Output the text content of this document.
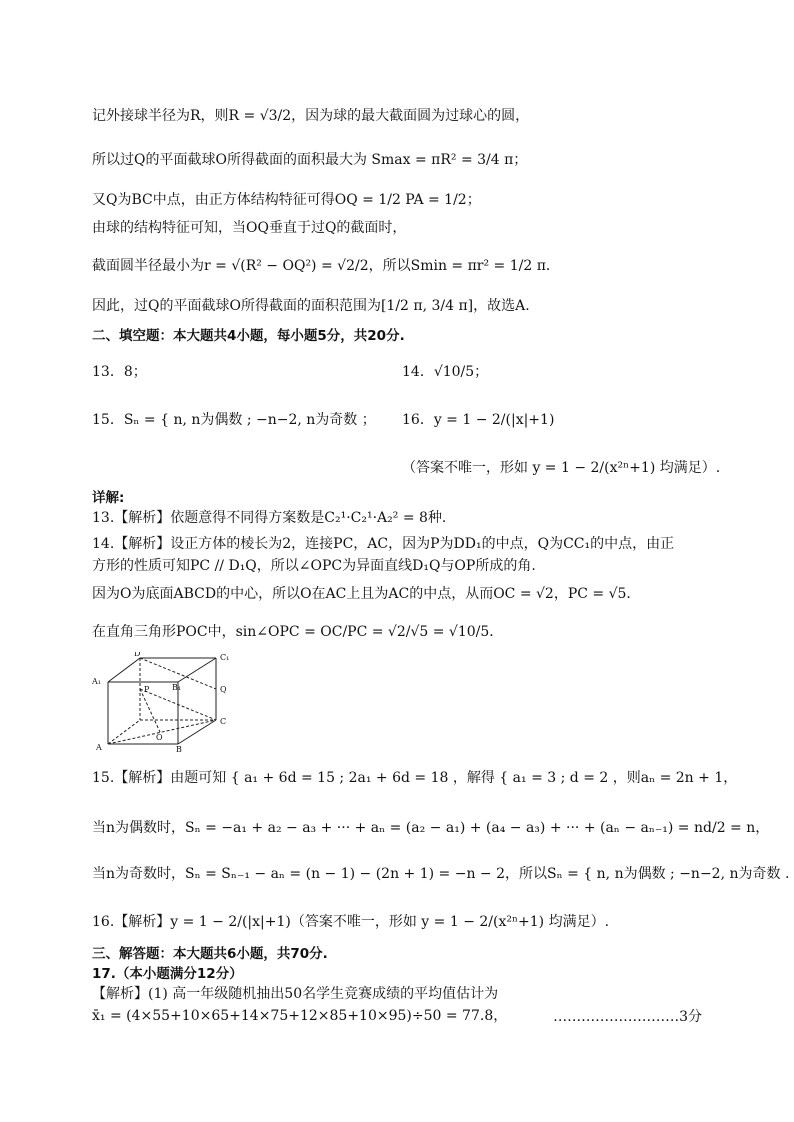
记外接球半径为R，则R = √3/2，因为球的最大截面圆为过球心的圆，
所以过Q的平面截球O所得截面的面积最大为 Smax = πR² = 3/4 π；
又Q为BC中点，由正方体结构特征可得OQ = 1/2 PA = 1/2；
由球的结构特征可知，当OQ垂直于过Q的截面时，
截面圆半径最小为r = √(R² − OQ²) = √2/2，所以Smin = πr² = 1/2 π．
因此，过Q的平面截球O所得截面的面积范围为[1/2 π, 3/4 π]，故选A.
二、填空题：本大题共4小题，每小题5分，共20分.
13．8；	14．√10/5；
15．Sₙ = { n, n为偶数 ; −n−2, n为奇数 ； 16．y = 1 − 2/(|x|+1)
（答案不唯一，形如 y = 1 − 2/(x²ⁿ+1) 均满足）.
详解:
13.【解析】依题意得不同得方案数是C₂¹·C₂¹·A₂² = 8种.
14.【解析】设正方体的棱长为2，连接PC，AC，因为P为DD₁的中点，Q为CC₁的中点，由正
方形的性质可知PC // D₁Q，所以∠OPC为异面直线D₁Q与OP所成的角.
因为O为底面ABCD的中心，所以O在AC上且为AC的中点，从而OC = √2，PC = √5．
在直角三角形POC中，sin∠OPC = OC/PC = √2/√5 = √10/5．
D	C₁
A₁
P	B₁	Q
C
A
O
B
15.【解析】由题可知 { a₁ + 6d = 15 ; 2a₁ + 6d = 18 ，解得 { a₁ = 3 ; d = 2 ，则aₙ = 2n + 1，
当n为偶数时，Sₙ = −a₁ + a₂ − a₃ + ··· + aₙ = (a₂ − a₁) + (a₄ − a₃) + ··· + (aₙ − aₙ₋₁) = nd/2 = n，
当n为奇数时，Sₙ = Sₙ₋₁ − aₙ = (n − 1) − (2n + 1) = −n − 2，所以Sₙ = { n, n为偶数 ; −n−2, n为奇数 .
16.【解析】y = 1 − 2/(|x|+1)（答案不唯一，形如 y = 1 − 2/(x²ⁿ+1) 均满足）.
三、解答题：本大题共6小题，共70分.
17.（本小题满分12分）
【解析】(1) 高一年级随机抽出50名学生竞赛成绩的平均值估计为
x̄₁ = (4×55+10×65+14×75+12×85+10×95)÷50 = 77.8，	………………………3分
